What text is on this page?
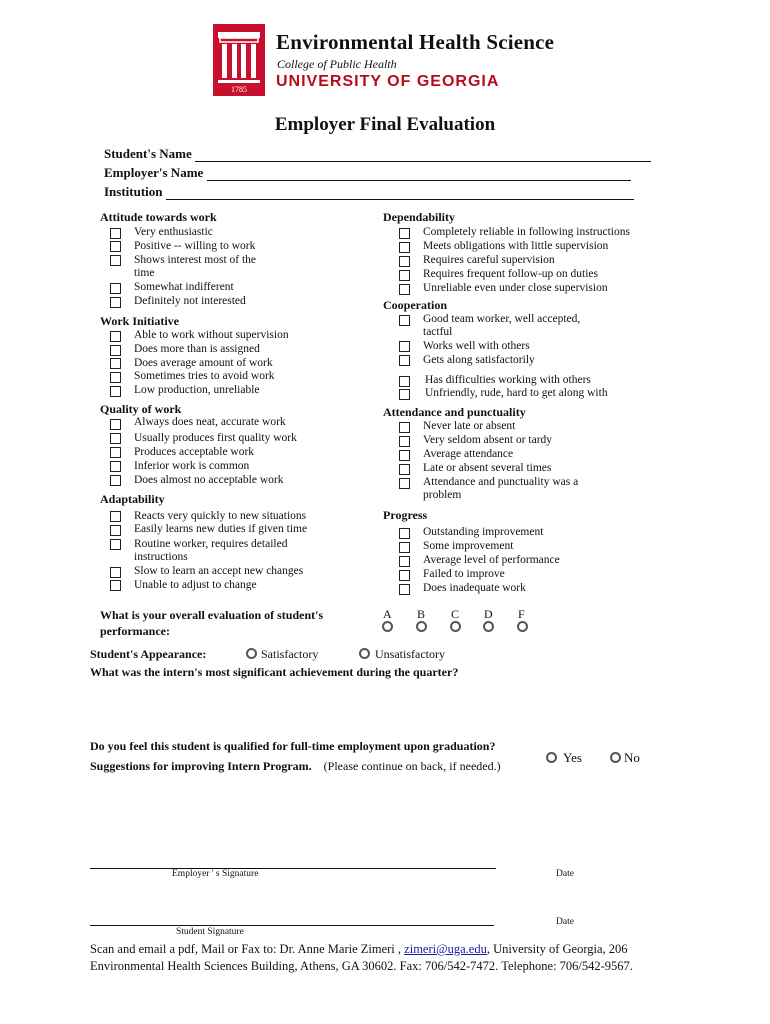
1785
Environmental Health Science
College of Public Health
UNIVERSITY OF GEORGIA
Employer Final Evaluation
Student's Name
Employer's Name
Institution
Attitude towards work
Very enthusiastic
Positive -- willing to work
Shows interest most of the time
Somewhat indifferent
Definitely not interested
Work Initiative
Able to work without supervision
Does more than is assigned
Does average amount of work
Sometimes tries to avoid work
Low production, unreliable
Quality of work
Always does neat, accurate work
Usually produces first quality work
Produces acceptable work
Inferior work is common
Does almost no acceptable work
Adaptability
Reacts very quickly to new situations
Easily learns new duties if given time
Routine worker, requires detailed instructions
Slow to learn an accept new changes
Unable to adjust to change
Dependability
Completely reliable in following instructions
Meets obligations with little supervision
Requires careful supervision
Requires frequent follow-up on duties
Unreliable even under close supervision
Cooperation
Good team worker, well accepted, tactful
Works well with others
Gets along satisfactorily
Has difficulties working with others
Unfriendly, rude, hard to get along with
Attendance and punctuality
Never late or absent
Very seldom absent or tardy
Average attendance
Late or absent several times
Attendance and punctuality was a problem
Progress
Outstanding improvement
Some improvement
Average level of performance
Failed to improve
Does inadequate work
What is your overall evaluation of student's performance:
A B C D F
Student's Appearance:	Satisfactory	Unsatisfactory
What was the intern's most significant achievement during the quarter?
Do you feel this student is qualified for full-time employment upon graduation?
Yes	No
Suggestions for improving Intern Program. (Please continue on back, if needed.)
Employer ' s Signature	Date
Student Signature
Date
Scan and email a pdf, Mail or Fax to: Dr. Anne Marie Zimeri , zimeri@uga.edu, University of Georgia, 206
Environmental Health Sciences Building, Athens, GA 30602. Fax: 706/542-7472. Telephone: 706/542-9567.
